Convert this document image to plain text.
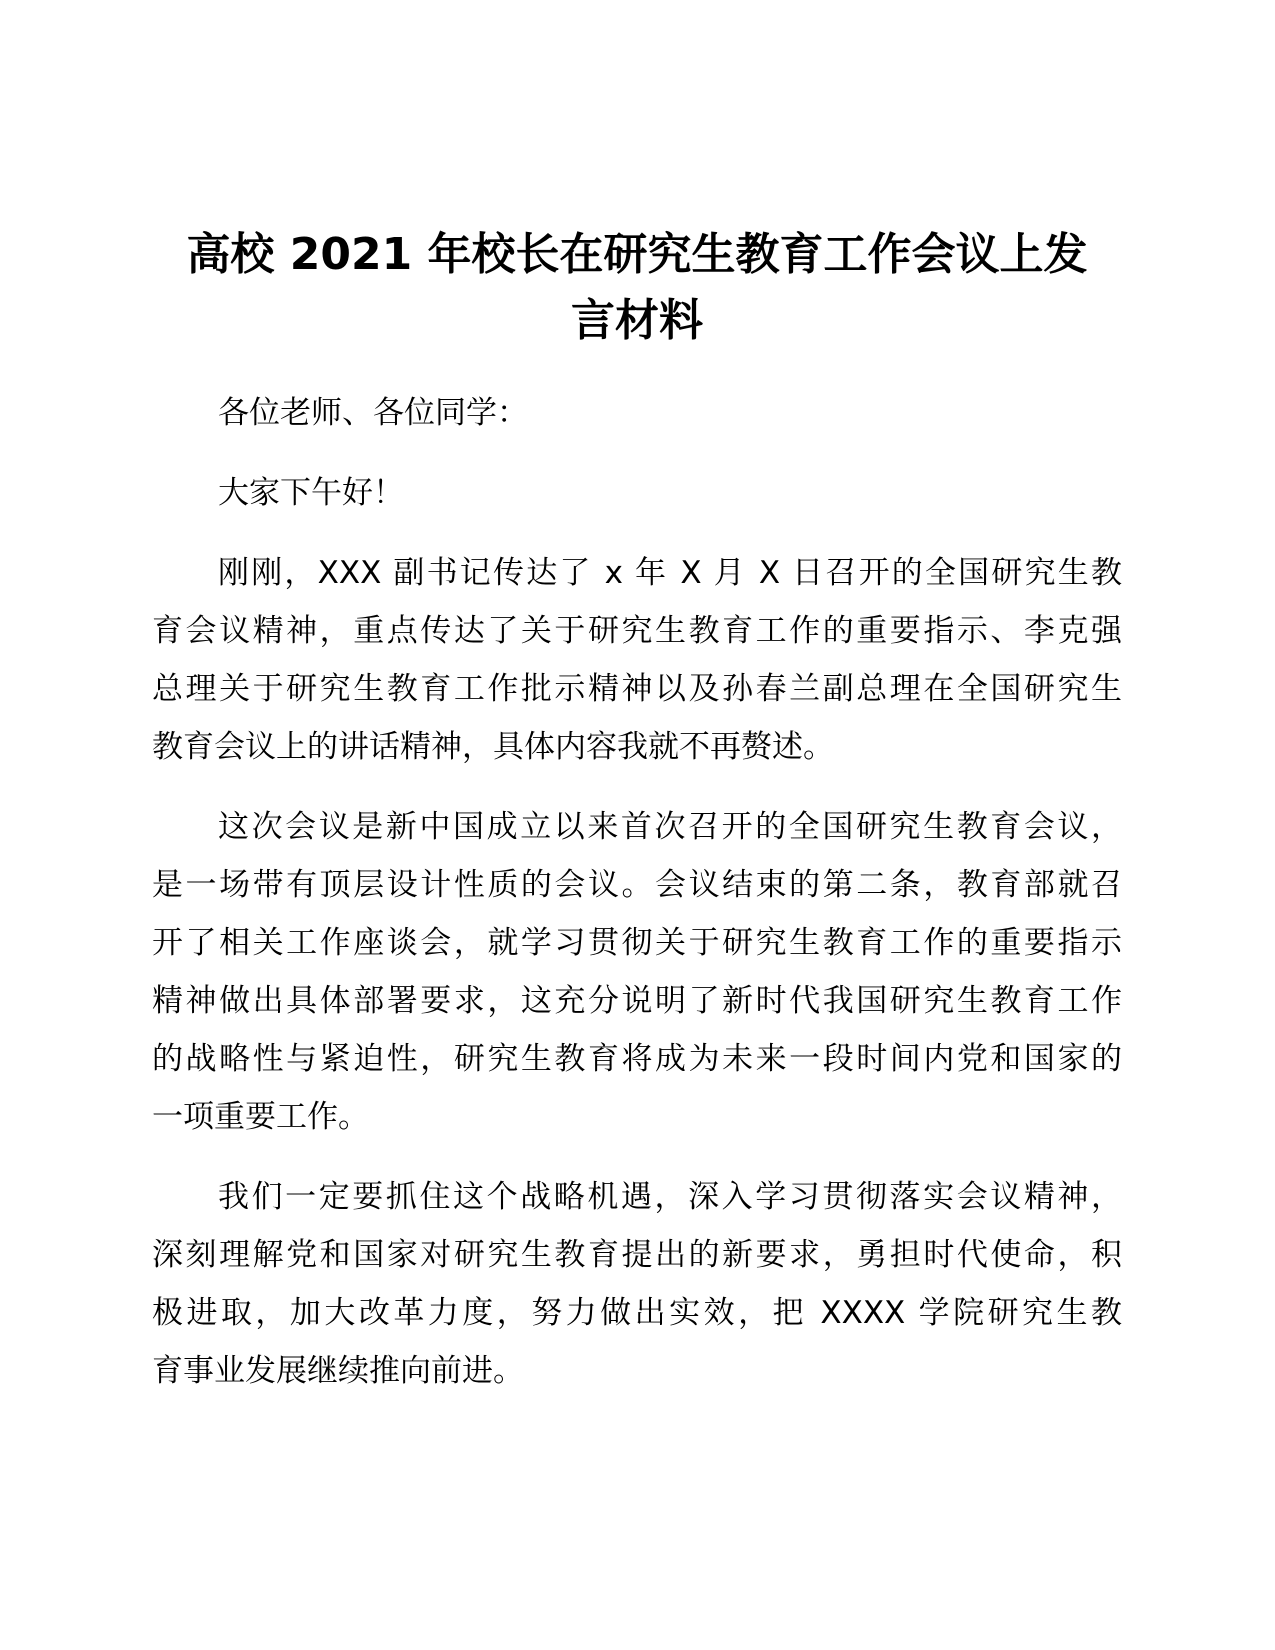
高校 2021 年校长在研究生教育工作会议上发
言材料

各位老师、各位同学：

大家下午好！

刚刚，XXX 副书记传达了 x 年 X 月 X 日召开的全国研究生教
育会议精神，重点传达了关于研究生教育工作的重要指示、李克强
总理关于研究生教育工作批示精神以及孙春兰副总理在全国研究生
教育会议上的讲话精神，具体内容我就不再赘述。

这次会议是新中国成立以来首次召开的全国研究生教育会议，
是一场带有顶层设计性质的会议。会议结束的第二条，教育部就召
开了相关工作座谈会，就学习贯彻关于研究生教育工作的重要指示
精神做出具体部署要求，这充分说明了新时代我国研究生教育工作
的战略性与紧迫性，研究生教育将成为未来一段时间内党和国家的
一项重要工作。

我们一定要抓住这个战略机遇，深入学习贯彻落实会议精神，
深刻理解党和国家对研究生教育提出的新要求，勇担时代使命，积
极进取，加大改革力度，努力做出实效，把 XXXX 学院研究生教
育事业发展继续推向前进。
